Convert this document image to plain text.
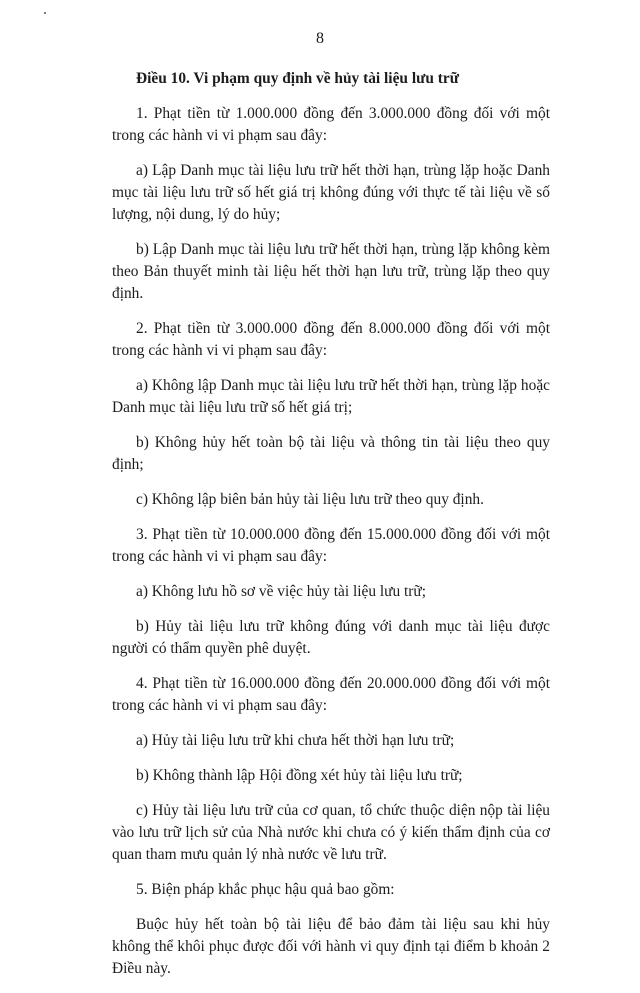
8

Điều 10. Vi phạm quy định về hủy tài liệu lưu trữ

1. Phạt tiền từ 1.000.000 đồng đến 3.000.000 đồng đối với một trong các hành vi vi phạm sau đây:

a) Lập Danh mục tài liệu lưu trữ hết thời hạn, trùng lặp hoặc Danh mục tài liệu lưu trữ số hết giá trị không đúng với thực tế tài liệu về số lượng, nội dung, lý do hủy;

b) Lập Danh mục tài liệu lưu trữ hết thời hạn, trùng lặp không kèm theo Bản thuyết minh tài liệu hết thời hạn lưu trữ, trùng lặp theo quy định.

2. Phạt tiền từ 3.000.000 đồng đến 8.000.000 đồng đối với một trong các hành vi vi phạm sau đây:

a) Không lập Danh mục tài liệu lưu trữ hết thời hạn, trùng lặp hoặc Danh mục tài liệu lưu trữ số hết giá trị;

b) Không hủy hết toàn bộ tài liệu và thông tin tài liệu theo quy định;

c) Không lập biên bản hủy tài liệu lưu trữ theo quy định.

3. Phạt tiền từ 10.000.000 đồng đến 15.000.000 đồng đối với một trong các hành vi vi phạm sau đây:

a) Không lưu hồ sơ về việc hủy tài liệu lưu trữ;

b) Hủy tài liệu lưu trữ không đúng với danh mục tài liệu được người có thẩm quyền phê duyệt.

4. Phạt tiền từ 16.000.000 đồng đến 20.000.000 đồng đối với một trong các hành vi vi phạm sau đây:

a) Hủy tài liệu lưu trữ khi chưa hết thời hạn lưu trữ;

b) Không thành lập Hội đồng xét hủy tài liệu lưu trữ;

c) Hủy tài liệu lưu trữ của cơ quan, tổ chức thuộc diện nộp tài liệu vào lưu trữ lịch sử của Nhà nước khi chưa có ý kiến thẩm định của cơ quan tham mưu quản lý nhà nước về lưu trữ.

5. Biện pháp khắc phục hậu quả bao gồm:

Buộc hủy hết toàn bộ tài liệu để bảo đảm tài liệu sau khi hủy không thể khôi phục được đối với hành vi quy định tại điểm b khoản 2 Điều này.
